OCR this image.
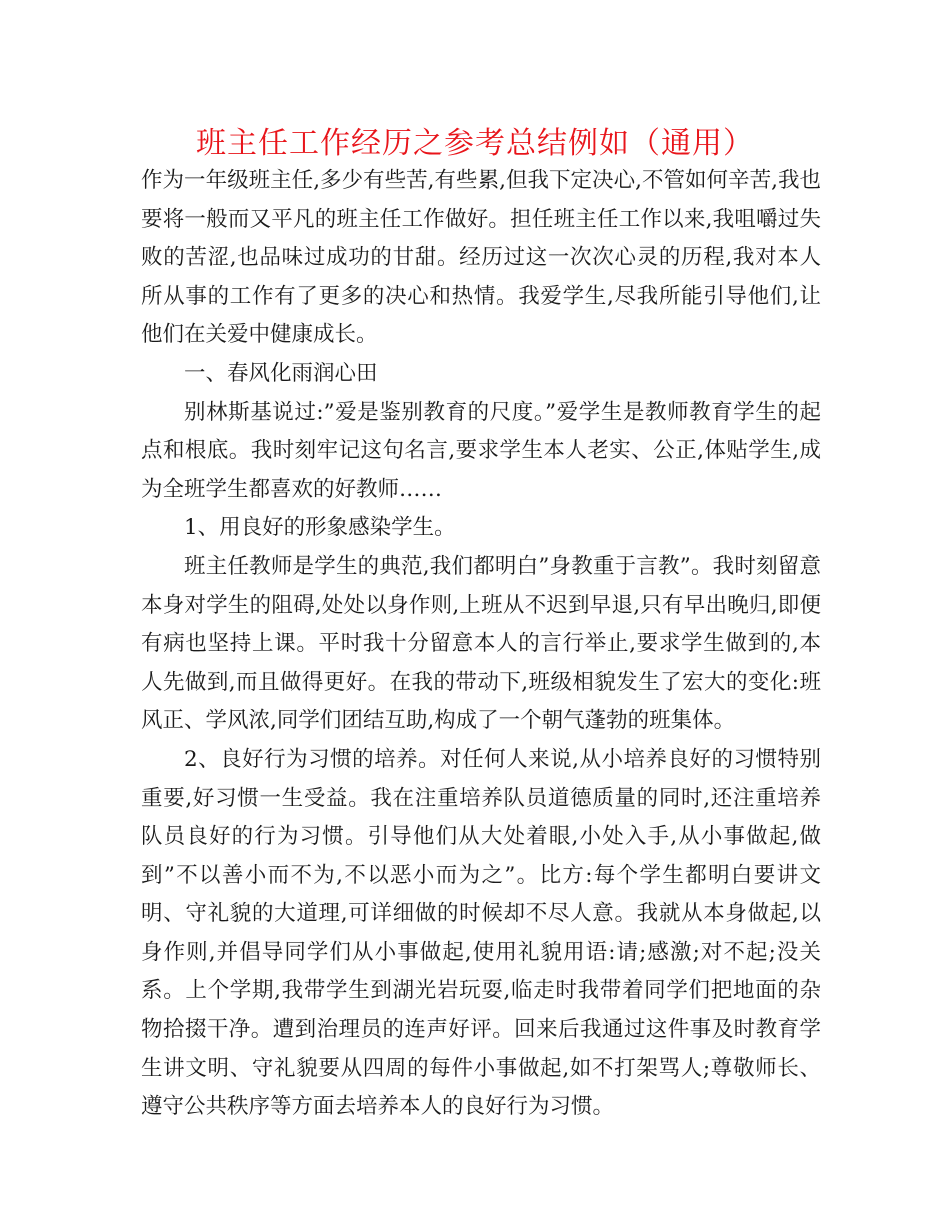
班主任工作经历之参考总结例如（通用）

作为一年级班主任,多少有些苦,有些累,但我下定决心,不管如何辛苦,我也要将一般而又平凡的班主任工作做好。担任班主任工作以来,我咀嚼过失败的苦涩,也品味过成功的甘甜。经历过这一次次心灵的历程,我对本人所从事的工作有了更多的决心和热情。我爱学生,尽我所能引导他们,让他们在关爱中健康成长。

一、春风化雨润心田

别林斯基说过:”爱是鉴别教育的尺度。”爱学生是教师教育学生的起点和根底。我时刻牢记这句名言,要求学生本人老实、公正,体贴学生,成为全班学生都喜欢的好教师……

1、用良好的形象感染学生。

班主任教师是学生的典范,我们都明白”身教重于言教”。我时刻留意本身对学生的阻碍,处处以身作则,上班从不迟到早退,只有早出晚归,即便有病也坚持上课。平时我十分留意本人的言行举止,要求学生做到的,本人先做到,而且做得更好。在我的带动下,班级相貌发生了宏大的变化:班风正、学风浓,同学们团结互助,构成了一个朝气蓬勃的班集体。

2、良好行为习惯的培养。对任何人来说,从小培养良好的习惯特别重要,好习惯一生受益。我在注重培养队员道德质量的同时,还注重培养队员良好的行为习惯。引导他们从大处着眼,小处入手,从小事做起,做到”不以善小而不为,不以恶小而为之”。比方:每个学生都明白要讲文明、守礼貌的大道理,可详细做的时候却不尽人意。我就从本身做起,以身作则,并倡导同学们从小事做起,使用礼貌用语:请;感激;对不起;没关系。上个学期,我带学生到湖光岩玩耍,临走时我带着同学们把地面的杂物拾掇干净。遭到治理员的连声好评。回来后我通过这件事及时教育学生讲文明、守礼貌要从四周的每件小事做起,如不打架骂人;尊敬师长、遵守公共秩序等方面去培养本人的良好行为习惯。
